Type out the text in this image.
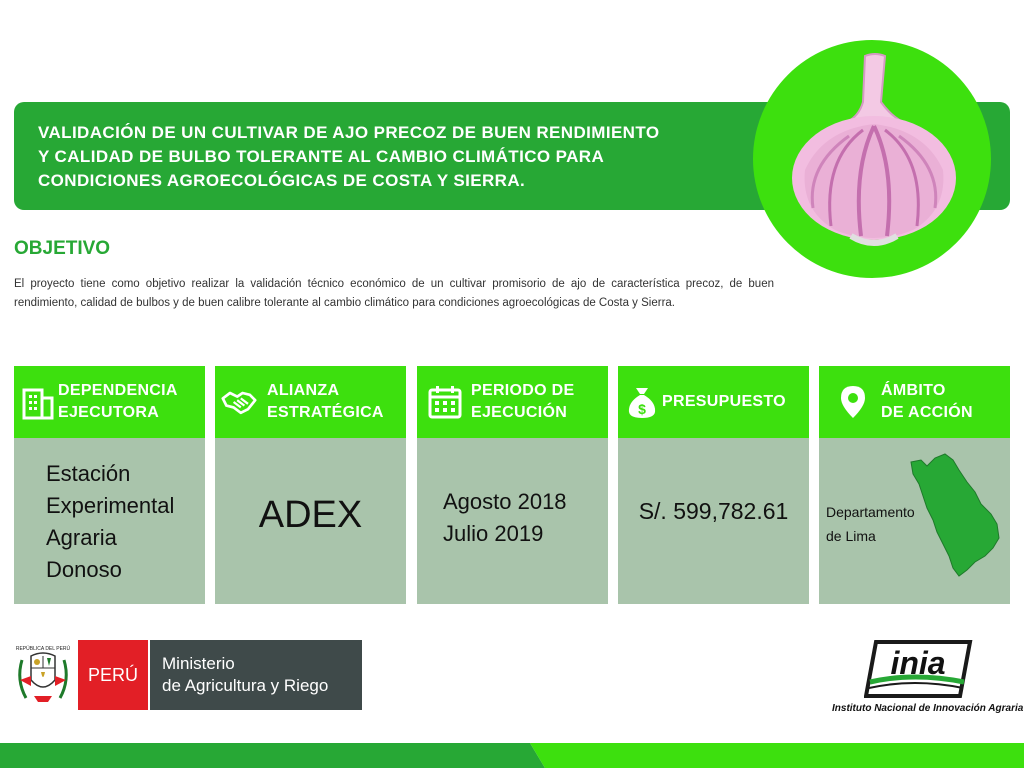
VALIDACIÓN DE UN CULTIVAR DE AJO PRECOZ DE BUEN RENDIMIENTO
Y CALIDAD DE BULBO TOLERANTE AL CAMBIO CLIMÁTICO PARA
CONDICIONES AGROECOLÓGICAS DE COSTA Y SIERRA.
OBJETIVO

El proyecto tiene como objetivo realizar la validación técnico económico de un cultivar promisorio de ajo de característica precoz, de buen rendimiento, calidad de bulbos y de buen calibre tolerante al cambio climático para condiciones agroecológicas de Costa y Sierra.

DEPENDENCIA
EJECUTORA
Estación
Experimental
Agraria
Donoso
ALIANZA
ESTRATÉGICA
ADEX
PERIODO DE
EJECUCIÓN
Agosto 2018
Julio 2019
$ PRESUPUESTO
S/. 599,782.61
ÁMBITO
DE ACCIÓN
Departamento
de Lima
REPÚBLICA DEL PERÚ
PERÚ
Ministerio
de Agricultura y Riego
inia
Instituto Nacional de Innovación Agraria
